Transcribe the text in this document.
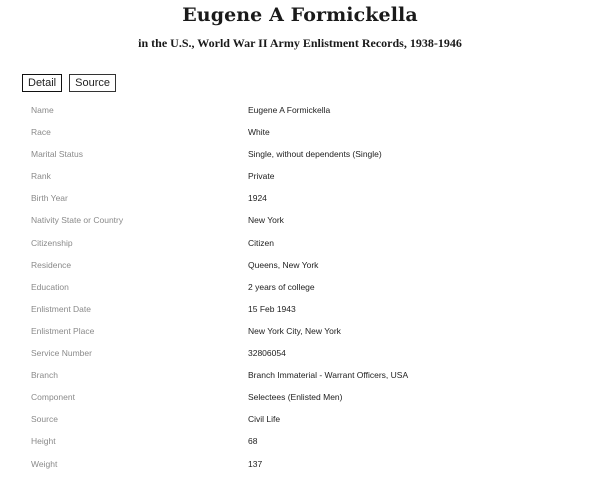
Eugene A Formickella
in the U.S., World War II Army Enlistment Records, 1938-1946
Detail	Source
Name	Eugene A Formickella
Race	White
Marital Status	Single, without dependents (Single)
Rank	Private
Birth Year	1924
Nativity State or Country	New York
Citizenship	Citizen
Residence	Queens, New York
Education	2 years of college
Enlistment Date	15 Feb 1943
Enlistment Place	New York City, New York
Service Number	32806054
Branch	Branch Immaterial - Warrant Officers, USA
Component	Selectees (Enlisted Men)
Source	Civil Life
Height	68
Weight	137
